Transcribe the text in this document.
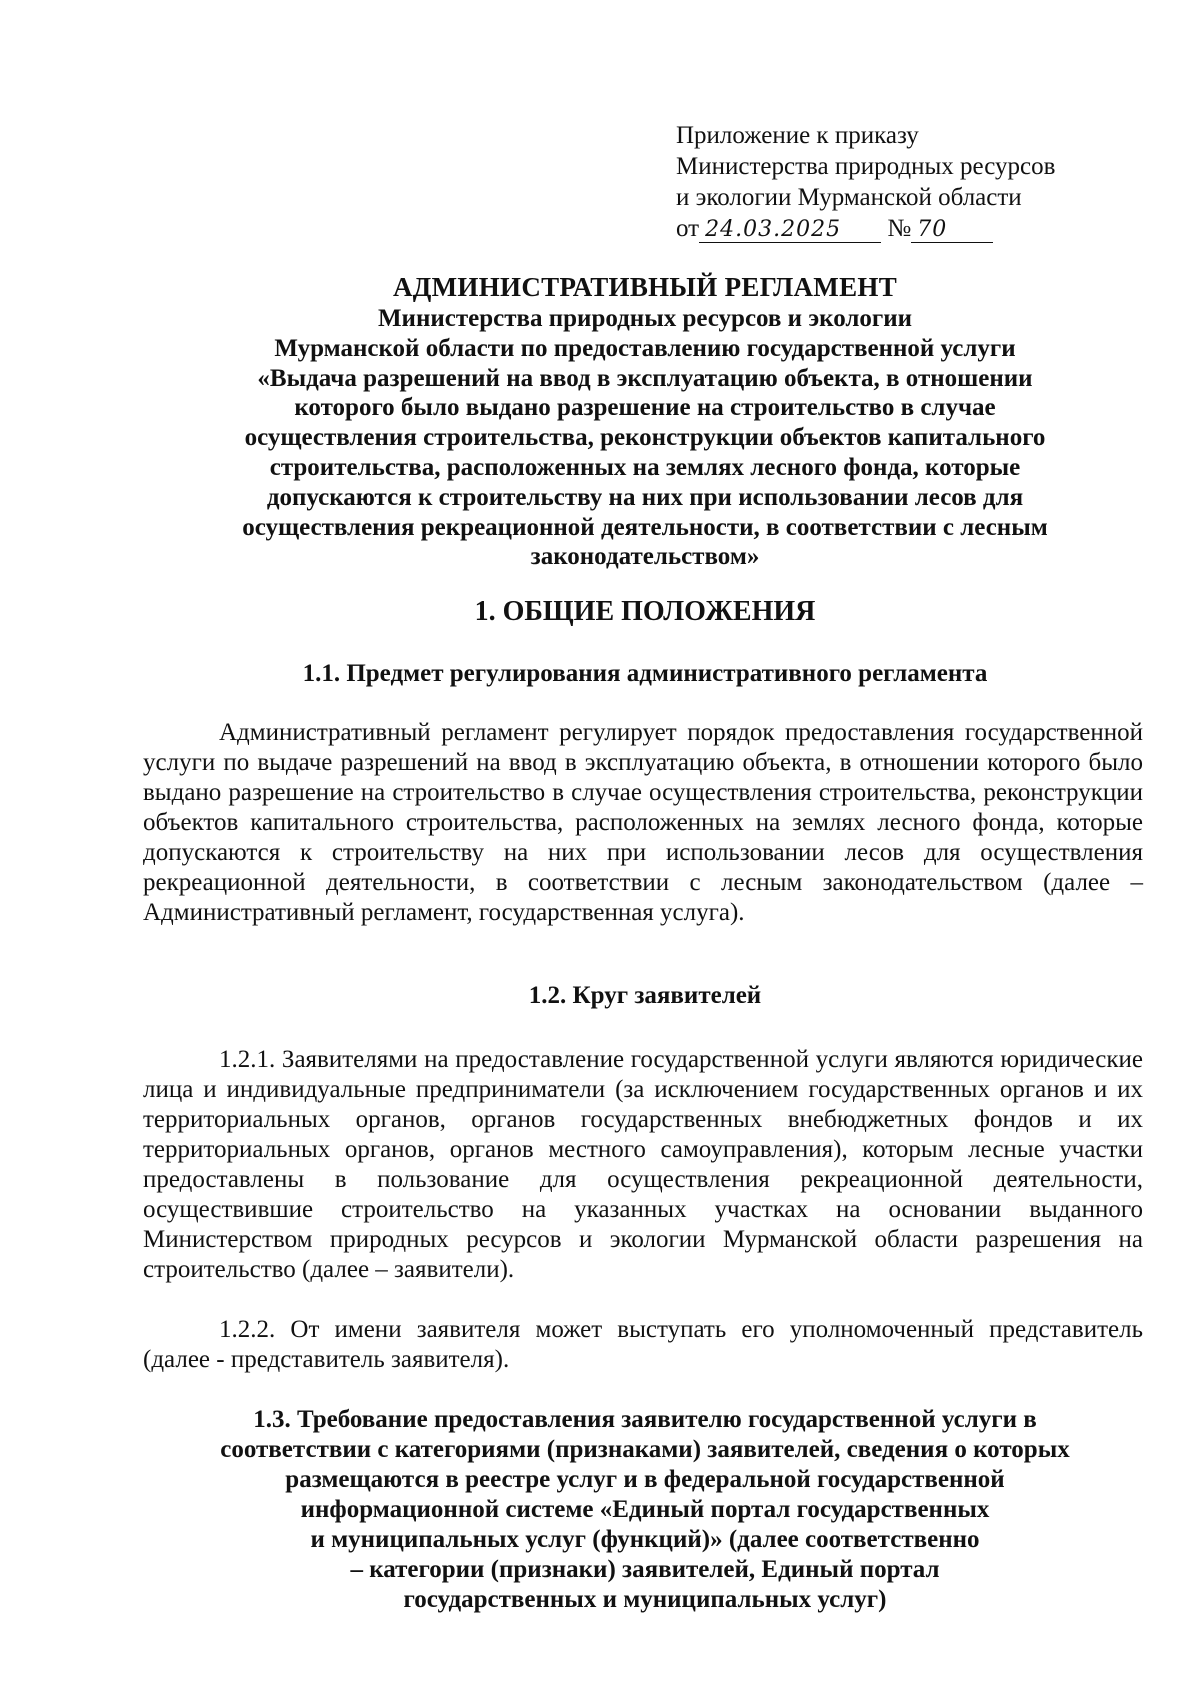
Приложение к приказу
Министерства природных ресурсов
и экологии Мурманской области
от 24.03.2025 № 70
АДМИНИСТРАТИВНЫЙ РЕГЛАМЕНТ
Министерства природных ресурсов и экологии
Мурманской области по предоставлению государственной услуги
«Выдача разрешений на ввод в эксплуатацию объекта, в отношении
которого было выдано разрешение на строительство в случае
осуществления строительства, реконструкции объектов капитального
строительства, расположенных на землях лесного фонда, которые
допускаются к строительству на них при использовании лесов для
осуществления рекреационной деятельности, в соответствии с лесным
законодательством»
1. ОБЩИЕ ПОЛОЖЕНИЯ
1.1. Предмет регулирования административного регламента

Административный регламент регулирует порядок предоставления государственной услуги по выдаче разрешений на ввод в эксплуатацию объекта, в отношении которого было выдано разрешение на строительство в случае осуществления строительства, реконструкции объектов капитального строительства, расположенных на землях лесного фонда, которые допускаются к строительству на них при использовании лесов для осуществления рекреационной деятельности, в соответствии с лесным законодательством (далее – Административный регламент, государственная услуга).

1.2. Круг заявителей

1.2.1. Заявителями на предоставление государственной услуги являются юридические лица и индивидуальные предприниматели (за исключением государственных органов и их территориальных органов, органов государственных внебюджетных фондов и их территориальных органов, органов местного самоуправления), которым лесные участки предоставлены в пользование для осуществления рекреационной деятельности, осуществившие строительство на указанных участках на основании выданного Министерством природных ресурсов и экологии Мурманской области разрешения на строительство (далее – заявители).

1.2.2. От имени заявителя может выступать его уполномоченный представитель (далее - представитель заявителя).

1.3. Требование предоставления заявителю государственной услуги в
соответствии с категориями (признаками) заявителей, сведения о которых
размещаются в реестре услуг и в федеральной государственной
информационной системе «Единый портал государственных
и муниципальных услуг (функций)» (далее соответственно
– категории (признаки) заявителей, Единый портал
государственных и муниципальных услуг)
